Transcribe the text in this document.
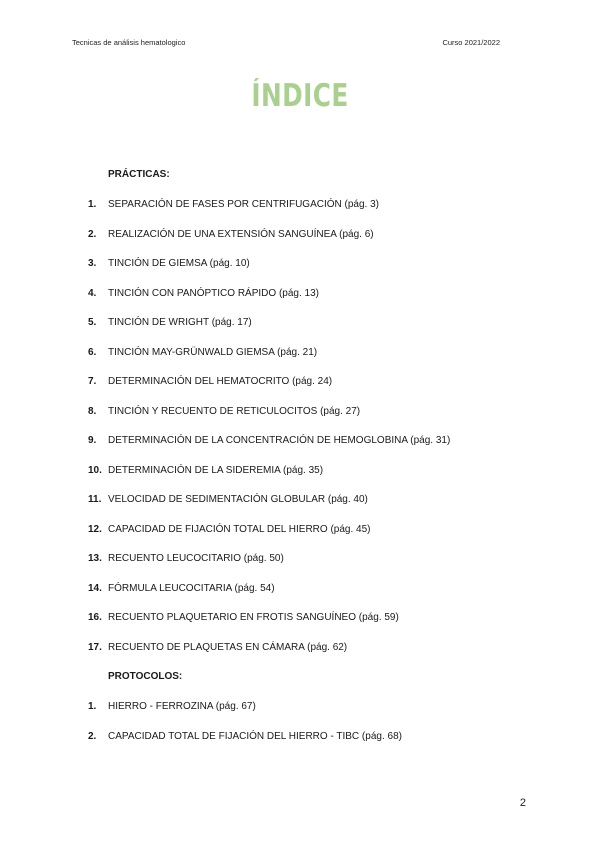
Tecnicas de análisis hematologico	Curso 2021/2022
ÍNDICE
PRÁCTICAS:
1. SEPARACIÓN DE FASES POR CENTRIFUGACIÓN (pág. 3)
2. REALIZACIÓN DE UNA EXTENSIÓN SANGUÍNEA (pág. 6)
3. TINCIÓN DE GIEMSA (pág. 10)
4. TINCIÓN CON PANÓPTICO RÁPIDO (pág. 13)
5. TINCIÓN DE WRIGHT (pág. 17)
6. TINCIÓN MAY-GRÜNWALD GIEMSA (pág. 21)
7. DETERMINACIÓN DEL HEMATOCRITO (pág. 24)
8. TINCIÓN Y RECUENTO DE RETICULOCITOS (pág. 27)
9. DETERMINACIÓN DE LA CONCENTRACIÓN DE HEMOGLOBINA (pág. 31)
10. DETERMINACIÓN DE LA SIDEREMIA (pág. 35)
11. VELOCIDAD DE SEDIMENTACIÓN GLOBULAR (pág. 40)
12. CAPACIDAD DE FIJACIÓN TOTAL DEL HIERRO (pág. 45)
13. RECUENTO LEUCOCITARIO (pág. 50)
14. FÓRMULA LEUCOCITARIA (pág. 54)
16. RECUENTO PLAQUETARIO EN FROTIS SANGUÍNEO (pág. 59)
17. RECUENTO DE PLAQUETAS EN CÁMARA (pág. 62)
PROTOCOLOS:
1. HIERRO - FERROZINA (pág. 67)
2. CAPACIDAD TOTAL DE FIJACIÓN DEL HIERRO - TIBC (pág. 68)
2
